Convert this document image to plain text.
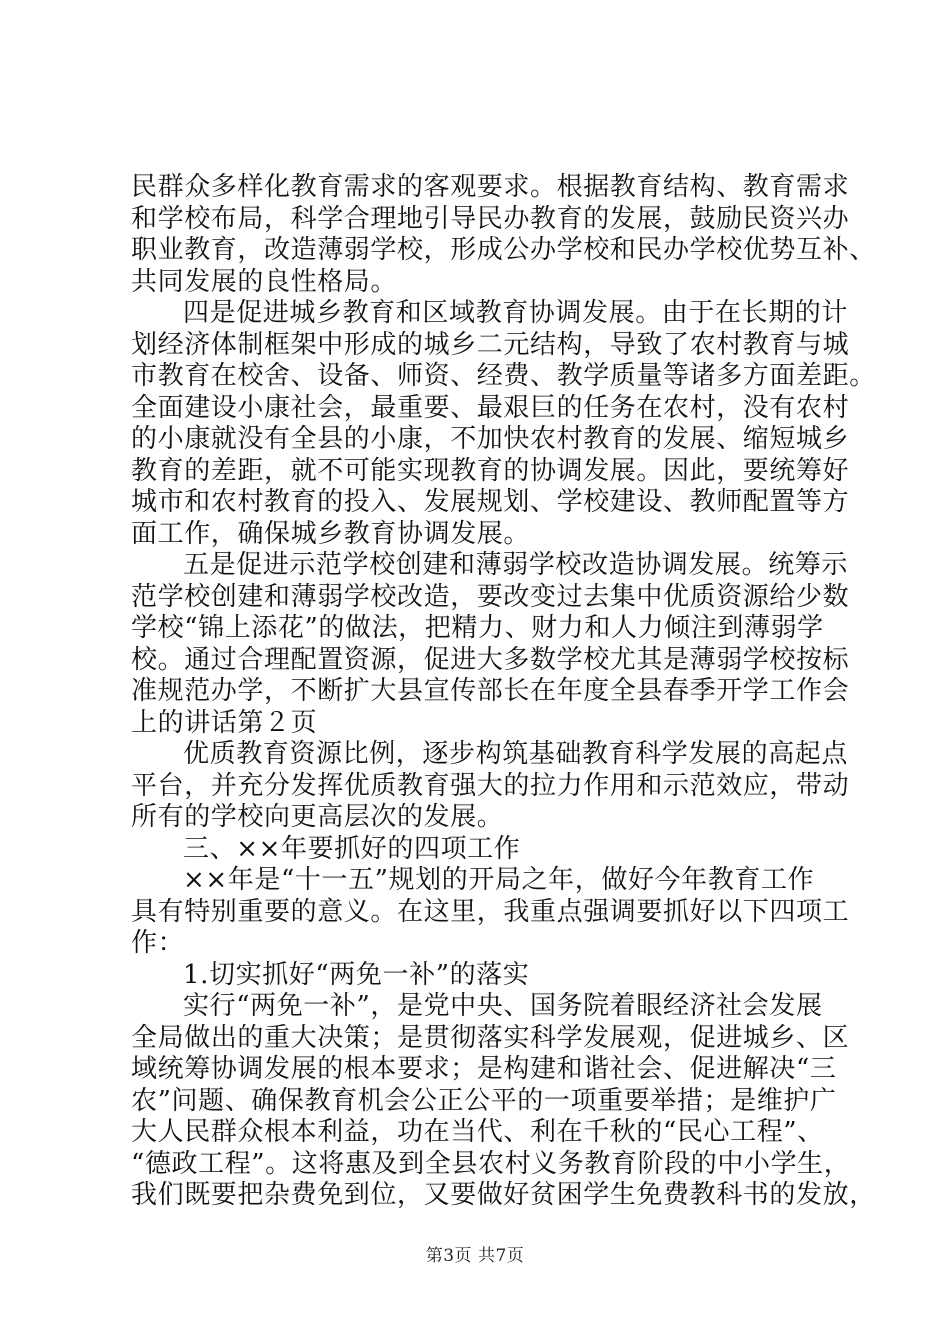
民群众多样化教育需求的客观要求。根据教育结构、教育需求
和学校布局，科学合理地引导民办教育的发展，鼓励民资兴办
职业教育，改造薄弱学校，形成公办学校和民办学校优势互补、
共同发展的良性格局。
四是促进城乡教育和区域教育协调发展。由于在长期的计
划经济体制框架中形成的城乡二元结构，导致了农村教育与城
市教育在校舍、设备、师资、经费、教学质量等诸多方面差距。
全面建设小康社会，最重要、最艰巨的任务在农村，没有农村
的小康就没有全县的小康，不加快农村教育的发展、缩短城乡
教育的差距，就不可能实现教育的协调发展。因此，要统筹好
城市和农村教育的投入、发展规划、学校建设、教师配置等方
面工作，确保城乡教育协调发展。
五是促进示范学校创建和薄弱学校改造协调发展。统筹示
范学校创建和薄弱学校改造，要改变过去集中优质资源给少数
学校“锦上添花”的做法，把精力、财力和人力倾注到薄弱学
校。通过合理配置资源，促进大多数学校尤其是薄弱学校按标
准规范办学，不断扩大县宣传部长在年度全县春季开学工作会
上的讲话第２页
优质教育资源比例，逐步构筑基础教育科学发展的高起点
平台，并充分发挥优质教育强大的拉力作用和示范效应，带动
所有的学校向更高层次的发展。
三、××年要抓好的四项工作
××年是“十一五”规划的开局之年，做好今年教育工作
具有特别重要的意义。在这里，我重点强调要抓好以下四项工
作：
1.切实抓好“两免一补”的落实
实行“两免一补”，是党中央、国务院着眼经济社会发展
全局做出的重大决策；是贯彻落实科学发展观，促进城乡、区
域统筹协调发展的根本要求；是构建和谐社会、促进解决“三
农”问题、确保教育机会公正公平的一项重要举措；是维护广
大人民群众根本利益，功在当代、利在千秋的“民心工程”、
“德政工程”。这将惠及到全县农村义务教育阶段的中小学生，
我们既要把杂费免到位，又要做好贫困学生免费教科书的发放，
第3页 共7页
